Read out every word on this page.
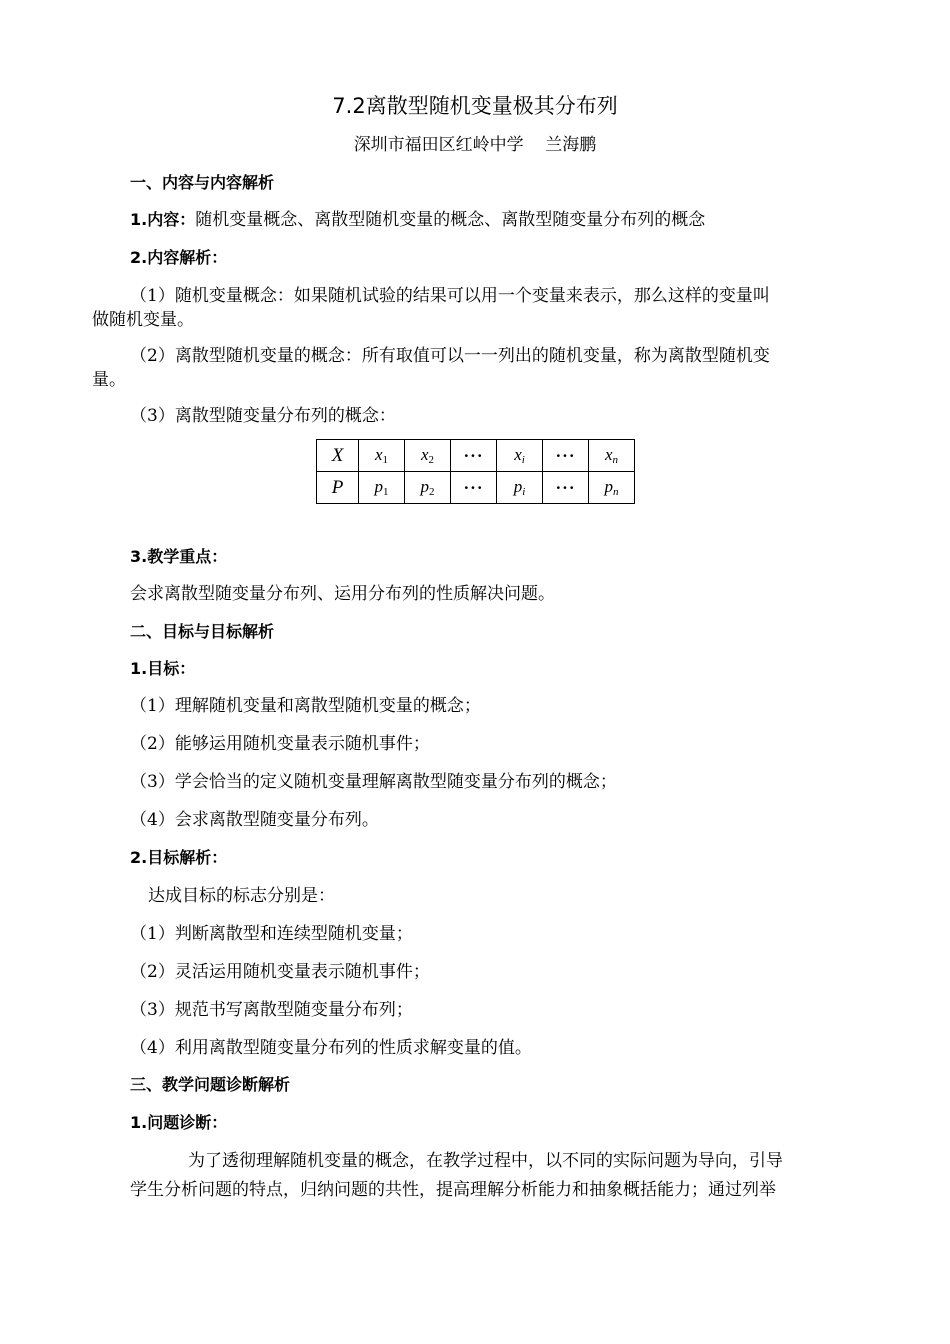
7.2离散型随机变量极其分布列
深圳市福田区红岭中学    兰海鹏
一、内容与内容解析
1.内容：随机变量概念、离散型随机变量的概念、离散型随变量分布列的概念
2.内容解析：
（1）随机变量概念：如果随机试验的结果可以用一个变量来表示，那么这样的变量叫
做随机变量。
（2）离散型随机变量的概念：所有取值可以一一列出的随机变量，称为离散型随机变
量。
（3）离散型随变量分布列的概念：
X	$x_1$	$x_2$	···	$x_i$	···	$x_n$
P	$p_1$	$p_2$	···	$p_i$	···	$p_n$
3.教学重点：
会求离散型随变量分布列、运用分布列的性质解决问题。
二、目标与目标解析
1.目标：
（1）理解随机变量和离散型随机变量的概念；
（2）能够运用随机变量表示随机事件；
（3）学会恰当的定义随机变量理解离散型随变量分布列的概念；
（4）会求离散型随变量分布列。
2.目标解析：
达成目标的标志分别是：
（1）判断离散型和连续型随机变量；
（2）灵活运用随机变量表示随机事件；
（3）规范书写离散型随变量分布列；
（4）利用离散型随变量分布列的性质求解变量的值。
三、教学问题诊断解析
1.问题诊断：
为了透彻理解随机变量的概念，在教学过程中，以不同的实际问题为导向，引导
学生分析问题的特点，归纳问题的共性，提高理解分析能力和抽象概括能力；通过列举
